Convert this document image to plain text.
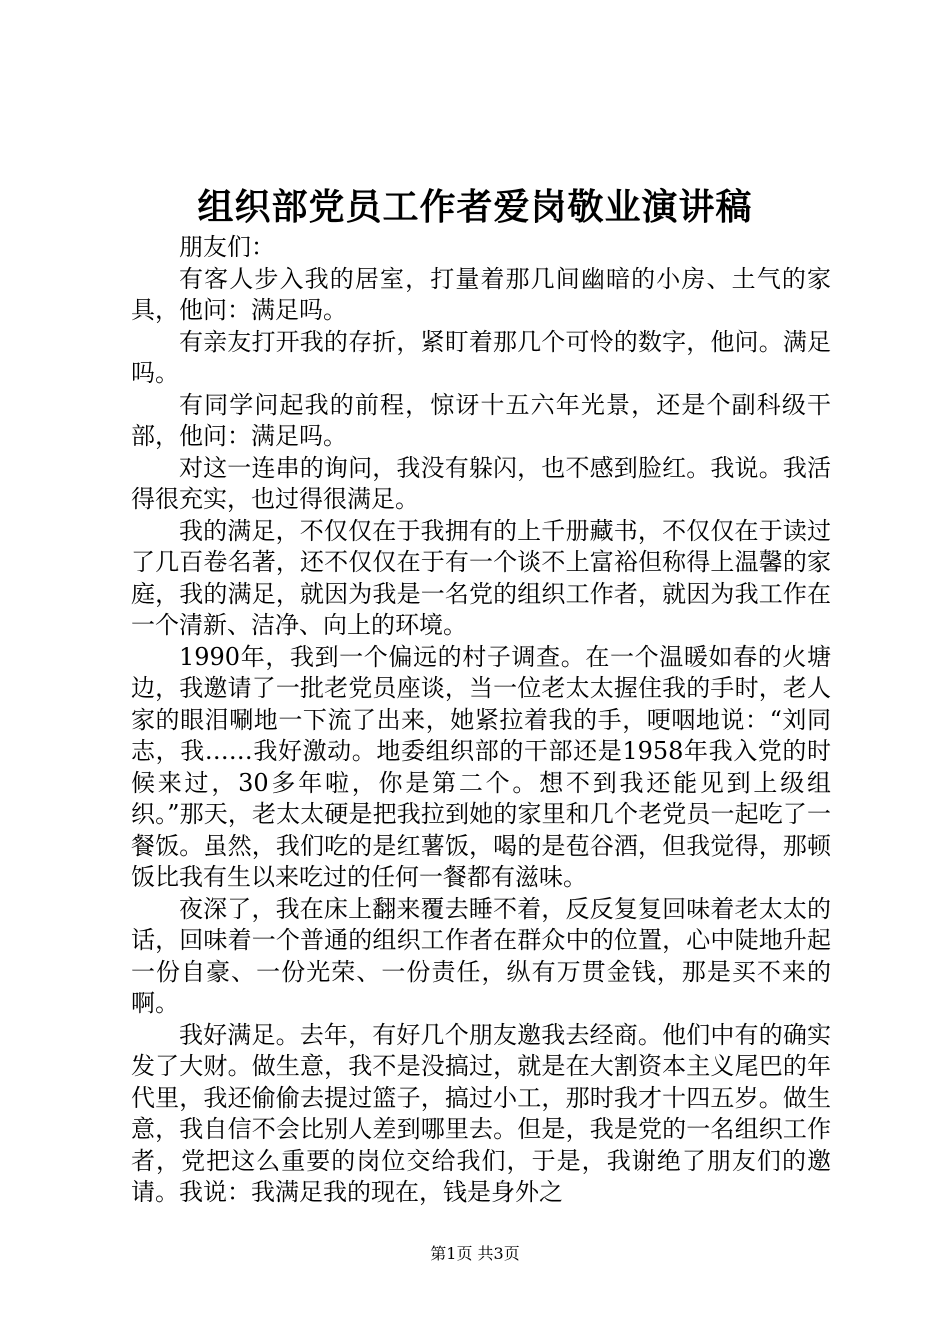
组织部党员工作者爱岗敬业演讲稿

朋友们：

有客人步入我的居室，打量着那几间幽暗的小房、土气的家具，他问：满足吗。

有亲友打开我的存折，紧盯着那几个可怜的数字，他问。满足吗。

有同学问起我的前程，惊讶十五六年光景，还是个副科级干部，他问：满足吗。

对这一连串的询问，我没有躲闪，也不感到脸红。我说。我活得很充实，也过得很满足。

我的满足，不仅仅在于我拥有的上千册藏书，不仅仅在于读过了几百卷名著，还不仅仅在于有一个谈不上富裕但称得上温馨的家庭，我的满足，就因为我是一名党的组织工作者，就因为我工作在一个清新、洁净、向上的环境。

1990年，我到一个偏远的村子调查。在一个温暖如春的火塘边，我邀请了一批老党员座谈，当一位老太太握住我的手时，老人家的眼泪唰地一下流了出来，她紧拉着我的手，哽咽地说：“刘同志，我……我好激动。地委组织部的干部还是1958年我入党的时候来过，30多年啦，你是第二个。想不到我还能见到上级组织。”那天，老太太硬是把我拉到她的家里和几个老党员一起吃了一餐饭。虽然，我们吃的是红薯饭，喝的是苞谷酒，但我觉得，那顿饭比我有生以来吃过的任何一餐都有滋味。

夜深了，我在床上翻来覆去睡不着，反反复复回味着老太太的话，回味着一个普通的组织工作者在群众中的位置，心中陡地升起一份自豪、一份光荣、一份责任，纵有万贯金钱，那是买不来的啊。

我好满足。去年，有好几个朋友邀我去经商。他们中有的确实发了大财。做生意，我不是没搞过，就是在大割资本主义尾巴的年代里，我还偷偷去提过篮子，搞过小工，那时我才十四五岁。做生意，我自信不会比别人差到哪里去。但是，我是党的一名组织工作者，党把这么重要的岗位交给我们，于是，我谢绝了朋友们的邀请。我说：我满足我的现在，钱是身外之

第1页 共3页
